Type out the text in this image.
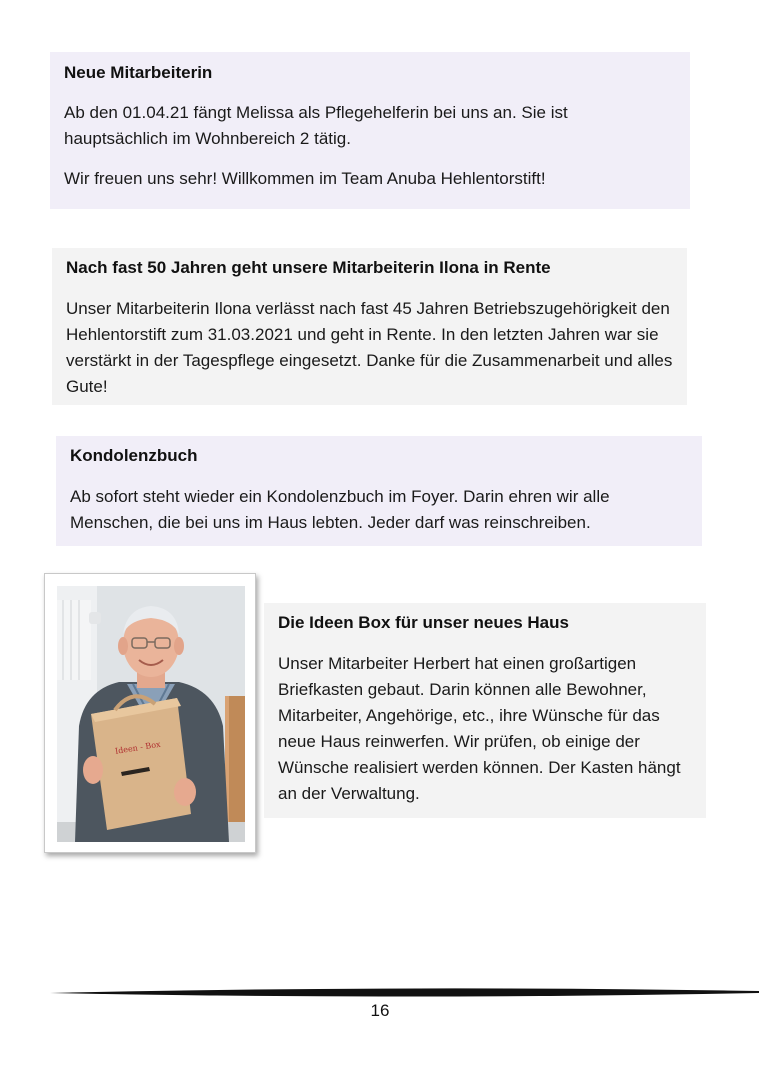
Neue Mitarbeiterin

Ab den 01.04.21 fängt Melissa als Pflegehelferin bei uns an. Sie ist hauptsächlich im Wohnbereich 2 tätig.

Wir freuen uns sehr! Willkommen im Team Anuba Hehlentorstift!

Nach fast 50 Jahren geht unsere Mitarbeiterin Ilona in Rente

Unser Mitarbeiterin Ilona verlässt nach fast 45 Jahren Betriebszugehörigkeit den Hehlentorstift zum 31.03.2021 und geht in Rente. In den letzten Jahren war sie verstärkt in der Tagespflege eingesetzt. Danke für die Zusammenarbeit und alles Gute!

Kondolenzbuch

Ab sofort steht wieder ein Kondolenzbuch im Foyer. Darin ehren wir alle Menschen, die bei uns im Haus lebten. Jeder darf was reinschreiben.

Ideen - Box
Die Ideen Box für unser neues Haus

Unser Mitarbeiter Herbert hat einen großartigen Briefkasten gebaut. Darin können alle Bewohner, Mitarbeiter, Angehörige, etc., ihre Wünsche für das neue Haus reinwerfen. Wir prüfen, ob einige der Wünsche realisiert werden können. Der Kasten hängt an der Verwaltung.

16
